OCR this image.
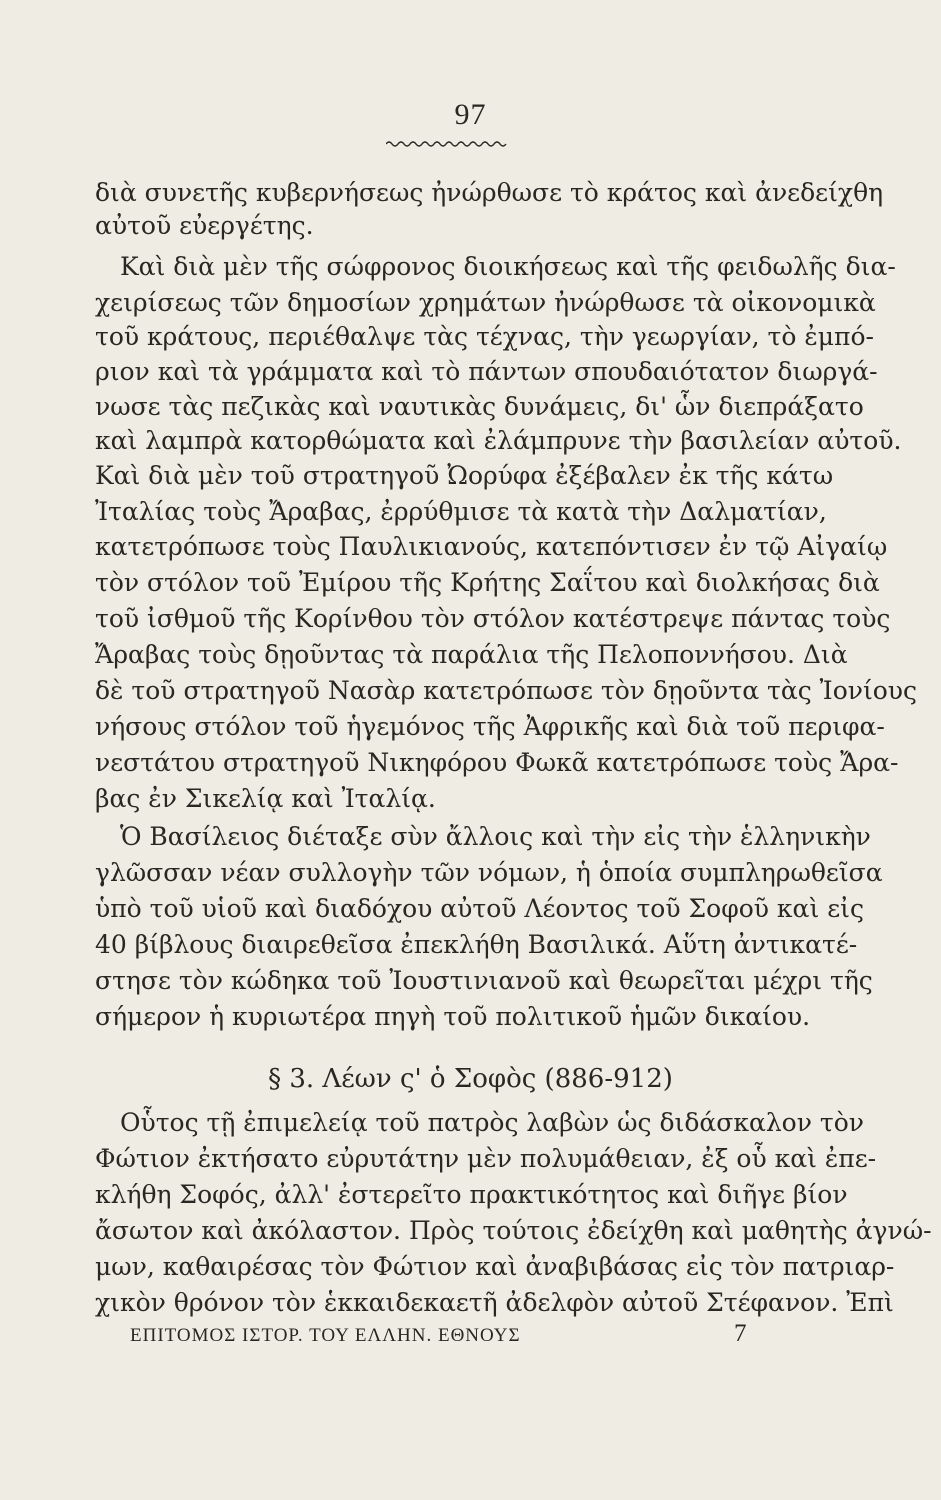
97
διὰ συνετῆς κυβερνήσεως ἠνώρθωσε τὸ κράτος καὶ ἀνεδείχθη
αὐτοῦ εὐεργέτης.
Καὶ διὰ μὲν τῆς σώφρονος διοικήσεως καὶ τῆς φειδωλῆς δια-
χειρίσεως τῶν δημοσίων χρημάτων ἠνώρθωσε τὰ οἰκονομικὰ
τοῦ κράτους, περιέθαλψε τὰς τέχνας, τὴν γεωργίαν, τὸ ἐμπό-
ριον καὶ τὰ γράμματα καὶ τὸ πάντων σπουδαιότατον διωργά-
νωσε τὰς πεζικὰς καὶ ναυτικὰς δυνάμεις, δι' ὧν διεπράξατο
καὶ λαμπρὰ κατορθώματα καὶ ἐλάμπρυνε τὴν βασιλείαν αὐτοῦ.
Καὶ διὰ μὲν τοῦ στρατηγοῦ Ὠορύφα ἐξέβαλεν ἐκ τῆς κάτω
Ἰταλίας τοὺς Ἄραβας, ἐρρύθμισε τὰ κατὰ τὴν Δαλματίαν,
κατετρόπωσε τοὺς Παυλικιανούς, κατεπόντισεν ἐν τῷ Αἰγαίῳ
τὸν στόλον τοῦ Ἐμίρου τῆς Κρήτης Σαΐτου καὶ διολκήσας διὰ
τοῦ ἰσθμοῦ τῆς Κορίνθου τὸν στόλον κατέστρεψε πάντας τοὺς
Ἄραβας τοὺς δῃοῦντας τὰ παράλια τῆς Πελοποννήσου. Διὰ
δὲ τοῦ στρατηγοῦ Νασὰρ κατετρόπωσε τὸν δῃοῦντα τὰς Ἰονίους
νήσους στόλον τοῦ ἡγεμόνος τῆς Ἀφρικῆς καὶ διὰ τοῦ περιφα-
νεστάτου στρατηγοῦ Νικηφόρου Φωκᾶ κατετρόπωσε τοὺς Ἄρα-
βας ἐν Σικελίᾳ καὶ Ἰταλίᾳ.
Ὁ Βασίλειος διέταξε σὺν ἄλλοις καὶ τὴν εἰς τὴν ἑλληνικὴν
γλῶσσαν νέαν συλλογὴν τῶν νόμων, ἡ ὁποία συμπληρωθεῖσα
ὑπὸ τοῦ υἱοῦ καὶ διαδόχου αὐτοῦ Λέοντος τοῦ Σοφοῦ καὶ εἰς
40 βίβλους διαιρεθεῖσα ἐπεκλήθη Βασιλικά. Αὕτη ἀντικατέ-
στησε τὸν κώδηκα τοῦ Ἰουστινιανοῦ καὶ θεωρεῖται μέχρι τῆς
σήμερον ἡ κυριωτέρα πηγὴ τοῦ πολιτικοῦ ἡμῶν δικαίου.
§ 3. Λέων ς' ὁ Σοφὸς (886-912)
Οὗτος τῇ ἐπιμελείᾳ τοῦ πατρὸς λαβὼν ὡς διδάσκαλον τὸν
Φώτιον ἐκτήσατο εὐρυτάτην μὲν πολυμάθειαν, ἐξ οὗ καὶ ἐπε-
κλήθη Σοφός, ἀλλ' ἐστερεῖτο πρακτικότητος καὶ διῆγε βίον
ἄσωτον καὶ ἀκόλαστον. Πρὸς τούτοις ἐδείχθη καὶ μαθητὴς ἀγνώ-
μων, καθαιρέσας τὸν Φώτιον καὶ ἀναβιβάσας εἰς τὸν πατριαρ-
χικὸν θρόνον τὸν ἑκκαιδεκαετῆ ἀδελφὸν αὐτοῦ Στέφανον. Ἐπὶ
ΕΠΙΤΟΜΟΣ ΙΣΤΟΡ. ΤΟΥ ΕΛΛΗΝ. ΕΘΝΟΥΣ	7
